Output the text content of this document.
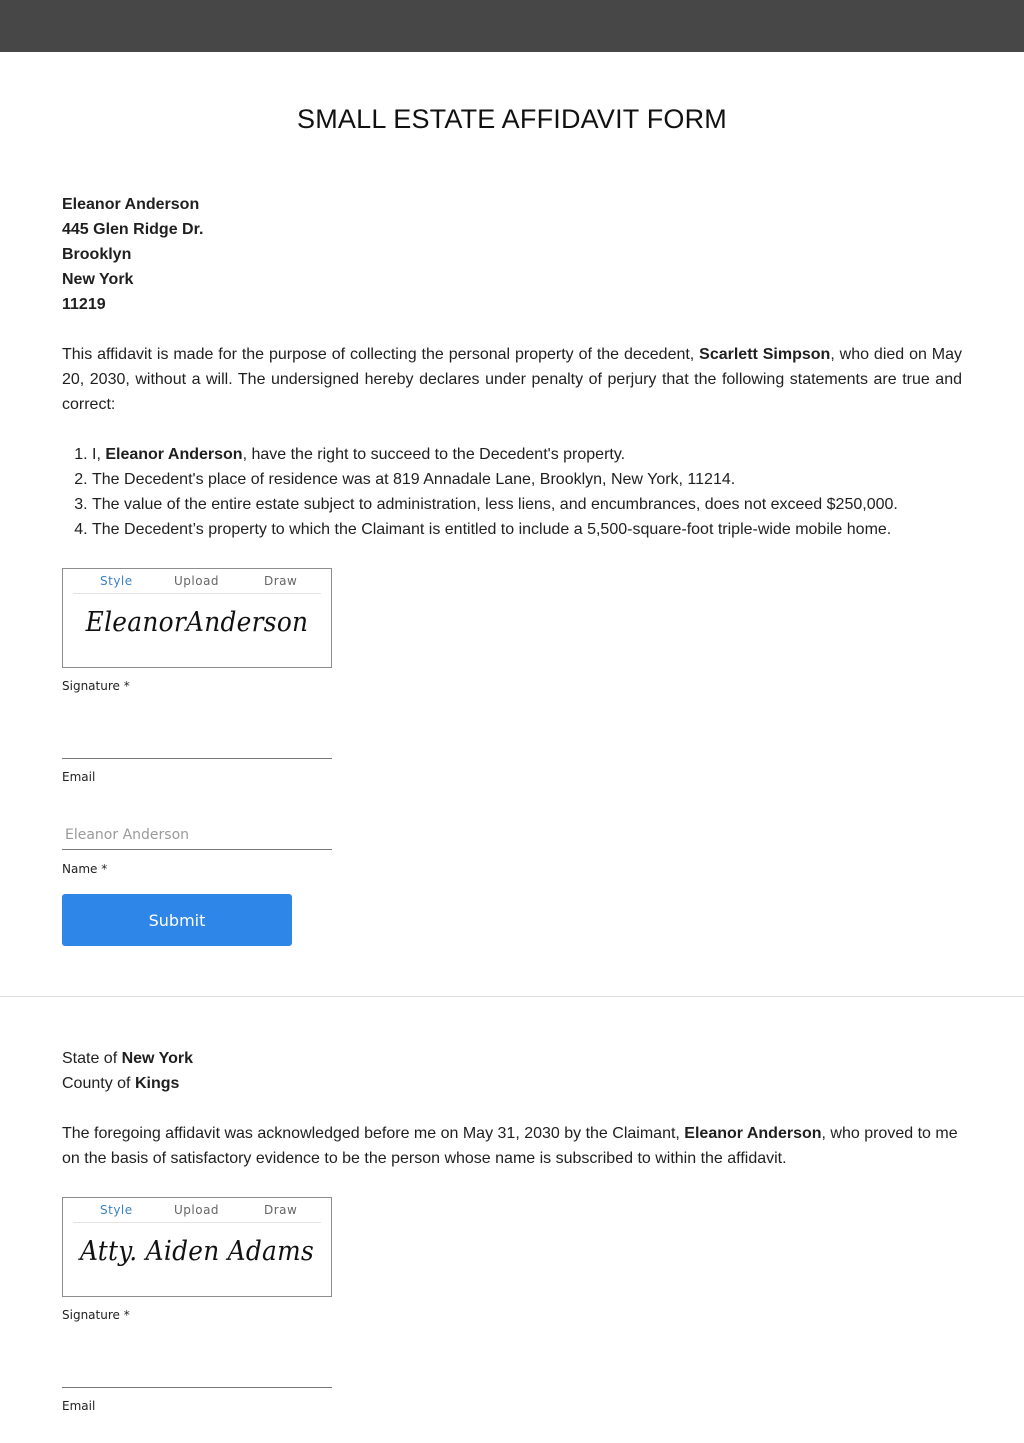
SMALL ESTATE AFFIDAVIT FORM
Eleanor Anderson
445 Glen Ridge Dr.
Brooklyn
New York
11219
This affidavit is made for the purpose of collecting the personal property of the decedent, Scarlett Simpson, who died on May 20, 2030, without a will. The undersigned hereby declares under penalty of perjury that the following statements are true and correct:
1. I, Eleanor Anderson, have the right to succeed to the Decedent's property.
2. The Decedent's place of residence was at 819 Annadale Lane, Brooklyn, New York, 11214.
3. The value of the entire estate subject to administration, less liens, and encumbrances, does not exceed $250,000.
4. The Decedent’s property to which the Claimant is entitled to include a 5,500-square-foot triple-wide mobile home.
Style	Upload	Draw
EleanorAnderson
Signature *
Email
Eleanor Anderson
Name *
Submit
State of New York
County of Kings
The foregoing affidavit was acknowledged before me on May 31, 2030 by the Claimant, Eleanor Anderson, who proved to me on the basis of satisfactory evidence to be the person whose name is subscribed to within the affidavit.
Style	Upload	Draw
Atty. Aiden Adams
Signature *
Email
